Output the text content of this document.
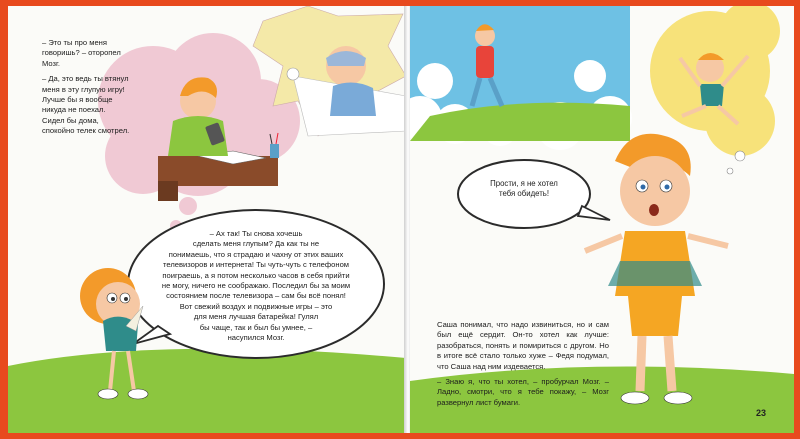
– Это ты про меня говоришь? – оторопел Мозг.

– Да, это ведь ты втянул меня в эту глупую игру! Лучше бы я вообще никуда не поехал. Сидел бы дома, спокойно телек смотрел.

– Ах так! Ты снова хочешь
сделать меня глупым? Да как ты не
понимаешь, что я страдаю и чахну от этих ваших
телевизоров и интернета! Ты чуть-чуть с телефоном
поиграешь, а я потом несколько часов в себя прийти
не могу, ничего не соображаю. Последил бы за моим
состоянием после телевизора – сам бы всё понял!
Вот свежий воздух и подвижные игры – это
для меня лучшая батарейка! Гулял
бы чаще, так и был бы умнее, –
насупился Мозг.
Прости, я не хотел
тебя обидеть!

Саша понимал, что надо извиниться, но и сам был ещё сердит. Он-то хотел как лучше: разобраться, понять и помириться с другом. Но в итоге всё стало только хуже – Федя подумал, что Саша над ним издевается.

– Знаю я, что ты хотел, – пробурчал Мозг. – Ладно, смотри, что я тебе покажу, – Мозг развернул лист бумаги.

23
